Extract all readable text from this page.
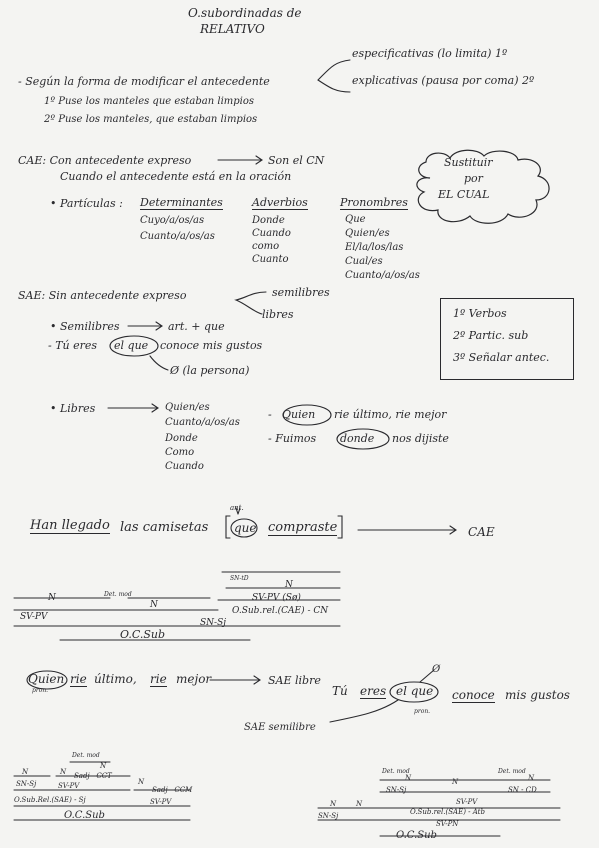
O.subordinadas de
RELATIVO
- Según la forma de modificar el antecedente
especificativas (lo limita) 1º
explicativas (pausa por coma) 2º
1º Puse los manteles que estaban limpios
2º Puse los manteles, que estaban limpios
CAE: Con antecedente expreso	Son el CN
Cuando el antecedente está en la oración
Sustituir
por
EL CUAL
• Partículas : Determinantes
Cuyo/a/os/as
Cuanto/a/os/as
Adverbios
Donde
Cuando
como
Cuanto
Pronombres
Que
Quien/es
El/la/los/las
Cual/es
Cuanto/a/os/as
SAE: Sin antecedente expreso	semilibres
libres
• Semilibres	art. + que
- Tú eres el que conoce mis gustos
Ø (la persona)
1º Verbos
2º Partic. sub
3º Señalar antec.
• Libres	Quien/es
Cuanto/a/os/as
Donde
Como
Cuando
- Quien rie último, rie mejor
- Fuimos donde nos dijiste
Han llegado las camisetas
ant.
que compraste	CAE
SN-tD
N
SV-PV (Sø)
O.Sub.rel.(CAE) - CN
N	Det. mod
N
SV-PV
SN-Sj
O.C.Sub
Quien
pron.
rie último, rie mejor	SAE libre
Tú eres el que conoce mis gustos
pron.
Ø
SAE semilibre
Det. mod
N	N
N
Sadj - CCT
SN-Sj	SV-PV	N
Sadj - CCM
O.Sub.Rel.(SAE) - Sj	SV-PV
O.C.Sub
Det. mod
N	N
Det. mod
N
SN-Sj	SN - CD
SV-PV
N	N
SN-Sj	O.Sub.rel.(SAE) - Atb
SV-PN
O.C.Sub
